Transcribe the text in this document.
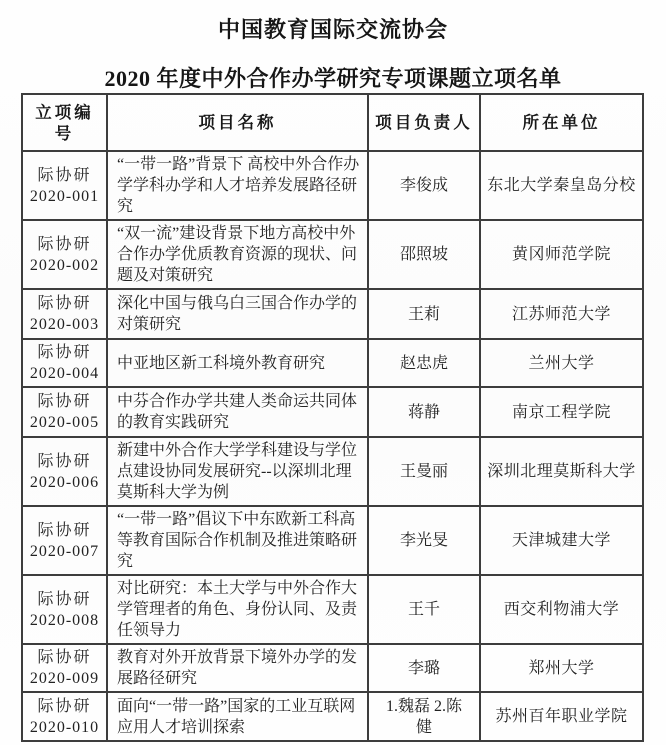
中国教育国际交流协会
2020 年度中外合作办学研究专项课题立项名单
立项编号	项目名称	项目负责人	所在单位

际协研
2020-001	“一带一路”背景下 高校中外合作办学学科办学和人才培养发展路径研究	李俊成	东北大学秦皇岛分校

际协研
2020-002	“双一流”建设背景下地方高校中外合作办学优质教育资源的现状、问题及对策研究	邵照坡	黄冈师范学院

际协研
2020-003	深化中国与俄乌白三国合作办学的对策研究	王莉	江苏师范大学

际协研
2020-004	中亚地区新工科境外教育研究	赵忠虎	兰州大学

际协研
2020-005	中芬合作办学共建人类命运共同体的教育实践研究	蒋静	南京工程学院

际协研
2020-006	新建中外合作大学学科建设与学位点建设协同发展研究--以深圳北理莫斯科大学为例	王曼丽	深圳北理莫斯科大学

际协研
2020-007	“一带一路”倡议下中东欧新工科高等教育国际合作机制及推进策略研究	李光旻	天津城建大学

际协研
2020-008	对比研究：本土大学与中外合作大学管理者的角色、身份认同、及责任领导力	王千	西交利物浦大学

际协研
2020-009	教育对外开放背景下境外办学的发展路径研究	李璐	郑州大学

际协研
2020-010	面向“一带一路”国家的工业互联网应用人才培训探索	1.魏磊 2.陈健	苏州百年职业学院
